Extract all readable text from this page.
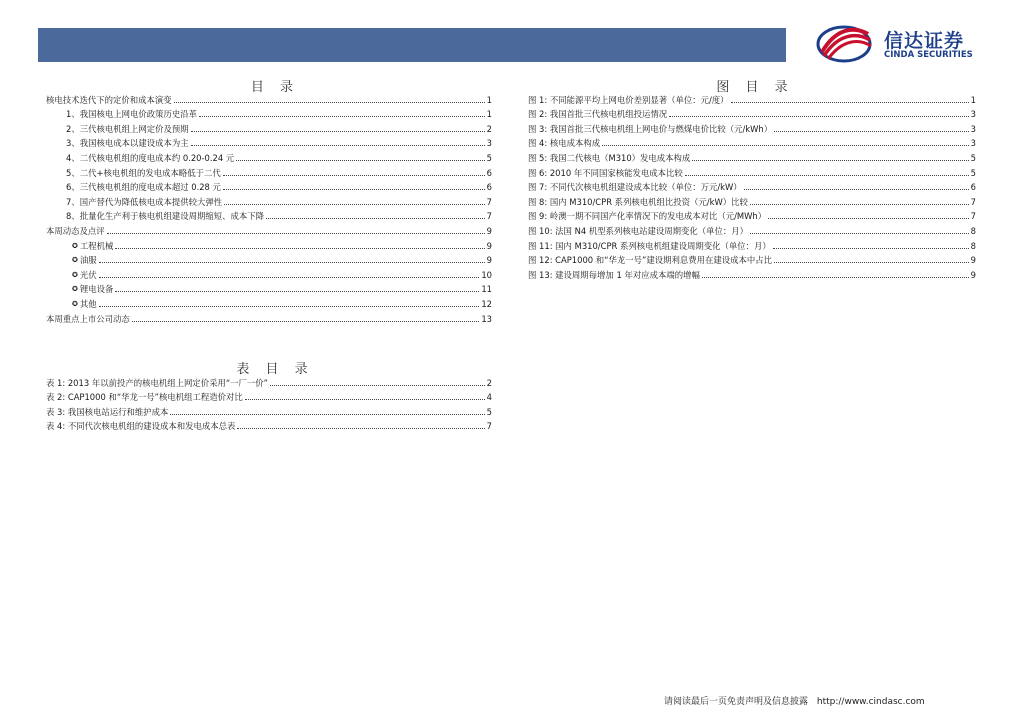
信达证券
CINDA SECURITIES
目 录
核电技术迭代下的定价和成本演变	1
1、我国核电上网电价政策历史沿革	1
2、三代核电机组上网定价及预期	2
3、我国核电成本以建设成本为主	3
4、二代核电机组的度电成本约 0.20-0.24 元	5
5、二代+核电机组的发电成本略低于二代	6
6、三代核电机组的度电成本超过 0.28 元	6
7、国产替代为降低核电成本提供较大弹性	7
8、批量化生产利于核电机组建设周期缩短、成本下降	7
本周动态及点评	9
✪ 工程机械	9
✪ 油服	9
✪ 光伏	10
✪ 锂电设备	11
✪ 其他	12
本周重点上市公司动态	13
图 目 录
图 1: 不同能源平均上网电价差别显著（单位：元/度）	1
图 2: 我国首批三代核电机组投运情况	3
图 3: 我国首批三代核电机组上网电价与燃煤电价比较（元/kWh）	3
图 4: 核电成本构成	3
图 5: 我国二代核电（M310）发电成本构成	5
图 6: 2010 年不同国家核能发电成本比较	5
图 7: 不同代次核电机组建设成本比较（单位：万元/kW）	6
图 8: 国内 M310/CPR 系列核电机组比投资（元/kW）比较	7
图 9: 岭澳一期不同国产化率情况下的发电成本对比（元/MWh）	7
图 10: 法国 N4 机型系列核电站建设周期变化（单位：月）	8
图 11: 国内 M310/CPR 系列核电机组建设周期变化（单位：月）	8
图 12: CAP1000 和“华龙一号”建设期利息费用在建设成本中占比	9
图 13: 建设周期每增加 1 年对应成本端的增幅	9
表 目 录
表 1: 2013 年以前投产的核电机组上网定价采用“一厂一价”	2
表 2: CAP1000 和“华龙一号”核电机组工程造价对比	4
表 3: 我国核电站运行和维护成本	5
表 4: 不同代次核电机组的建设成本和发电成本总表	7
请阅读最后一页免责声明及信息披露 http://www.cindasc.com
